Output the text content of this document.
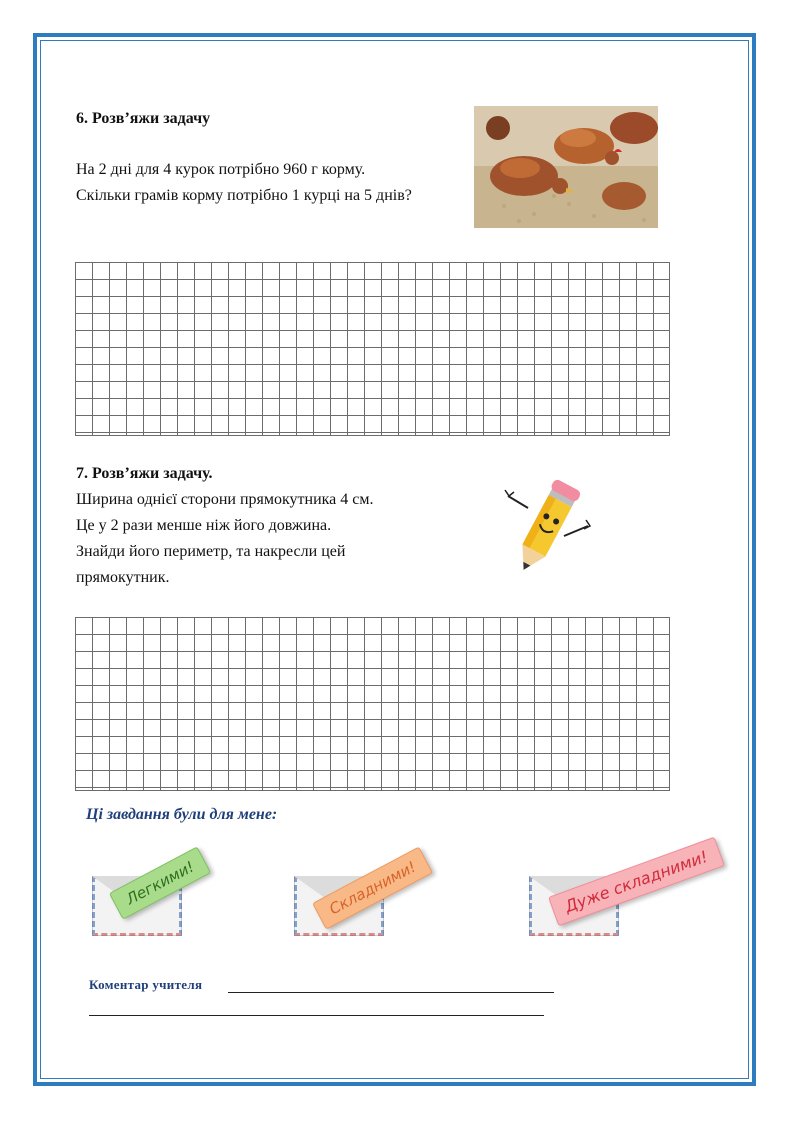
6. Розв’яжи задачу
На 2 дні для 4 курок потрібно 960 г корму.
Скільки грамів корму потрібно 1 курці на 5 днів?
7. Розв’яжи задачу.
Ширина однієї сторони прямокутника 4 см.
Це у 2 рази менше ніж його довжина.
Знайди його периметр, та накресли цей
прямокутник.
Ці завдання були для мене:
Легкими!	Складними!	Дуже складними!
Коментар учителя
